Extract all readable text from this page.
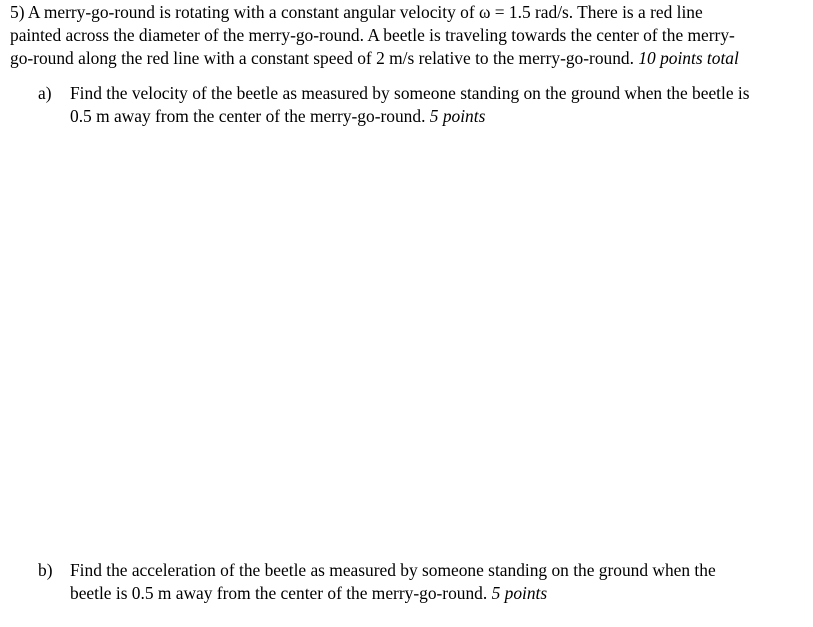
5) A merry-go-round is rotating with a constant angular velocity of ω = 1.5 rad/s. There is a red line
painted across the diameter of the merry-go-round. A beetle is traveling towards the center of the merry-
go-round along the red line with a constant speed of 2 m/s relative to the merry-go-round. 10 points total
a) Find the velocity of the beetle as measured by someone standing on the ground when the beetle is
0.5 m away from the center of the merry-go-round. 5 points
b) Find the acceleration of the beetle as measured by someone standing on the ground when the
beetle is 0.5 m away from the center of the merry-go-round. 5 points
